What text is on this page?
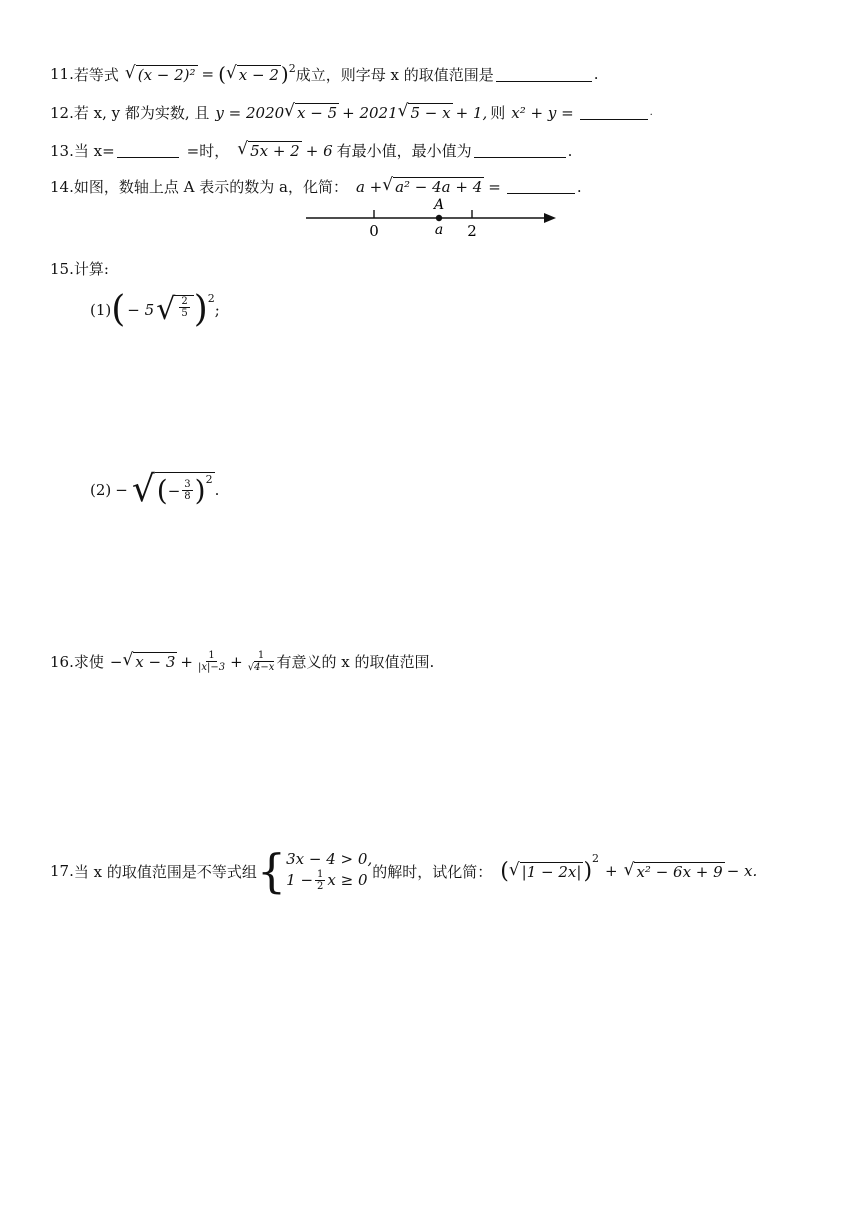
11. 若等式 √ (x − 2)² = ( √ x − 2 )$^2$ 成立，则字母 x 的取值范围是	.
12. 若 x, y 都为实数, 且 y = 2020 √ x − 5 + 2021 √ 5 − x + 1, 则 x² + y =	.
13. 当 x=	=时， √ 5x + 2 + 6 有最小值，最小值为	.
14. 如图，数轴上点 A 表示的数为 a，化简： a + √ a² − 4a + 4 =	.
A
a
0	2
15. 计算:
(1) ( − 5 √ $\frac{2}{5} )^2$
;
(2) − √ ( − $\frac{3}{8} )^2$
.
16. 求使 − √ $x - 3 + \frac{1}{|x|-3} + \frac{1}{√4-x}$ 有意义的 x 的取值范围.
17. 当 x 的取值范围是不等式组 { 3x − 4 > 0,
$1 - \frac{1}{2}$ x ≥ 0 的解时，试化简： ( √ |1 − 2x| )$^2$
+ √ x² − 6x + 9 − x.
